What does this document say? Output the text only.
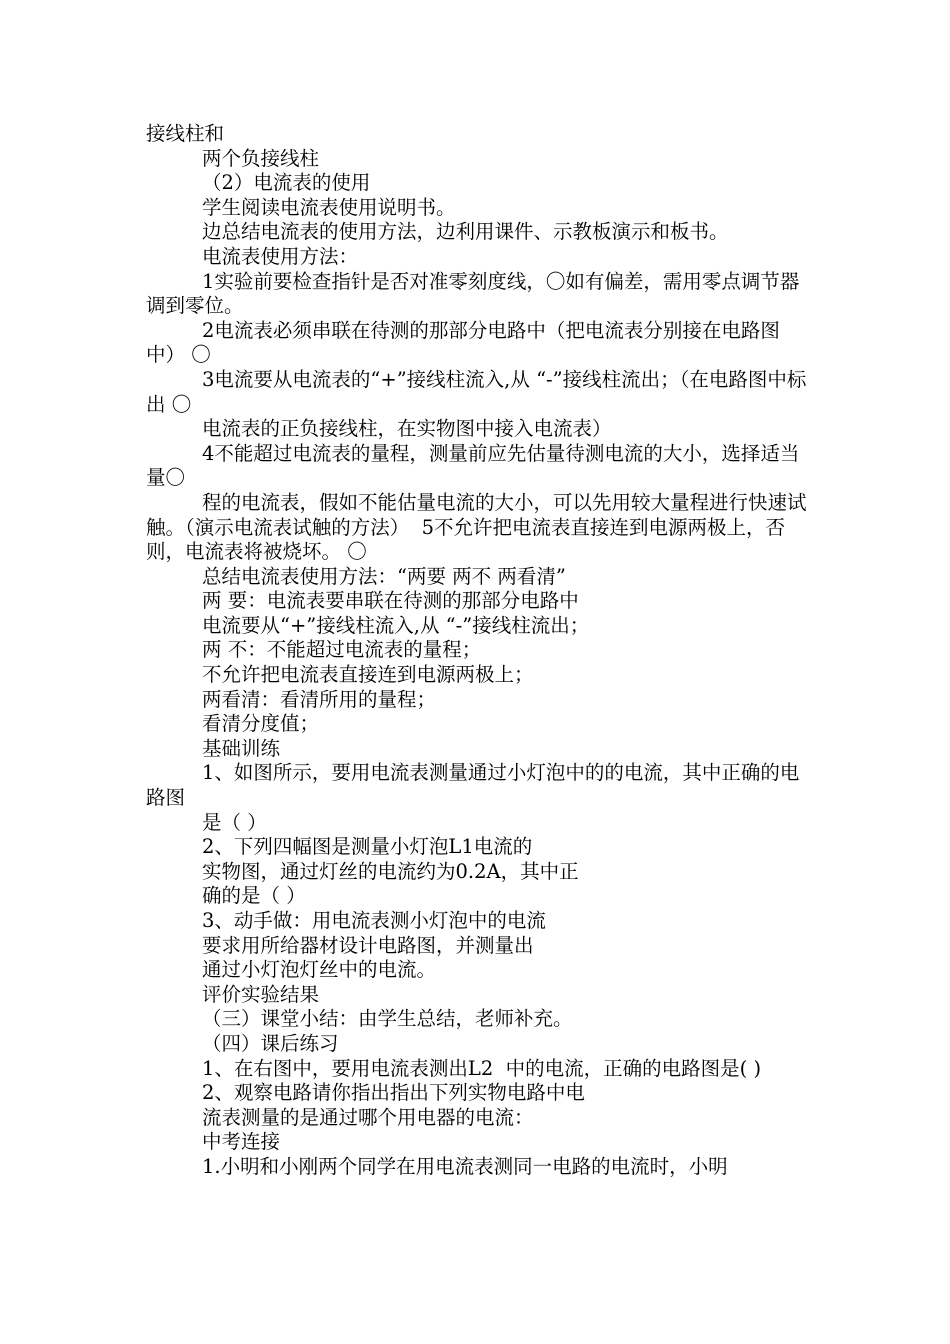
接线柱和

两个负接线柱

（2）电流表的使用

学生阅读电流表使用说明书。

边总结电流表的使用方法，边利用课件、示教板演示和板书。

电流表使用方法：

1实验前要检查指针是否对准零刻度线，〇如有偏差，需用零点调节器调到零位。

2电流表必须串联在待测的那部分电路中（把电流表分别接在电路图中） 〇

3电流要从电流表的“+”接线柱流入,从 “-”接线柱流出；（在电路图中标出 〇

电流表的正负接线柱，在实物图中接入电流表）

4不能超过电流表的量程，测量前应先估量待测电流的大小，选择适当量〇

程的电流表，假如不能估量电流的大小，可以先用较大量程进行快速试触。（演示电流表试触的方法）  5不允许把电流表直接连到电源两极上，否则，电流表将被烧坏。 〇

总结电流表使用方法：“两要 两不 两看清”

两 要：电流表要串联在待测的那部分电路中

电流要从“+”接线柱流入,从 “-”接线柱流出；

两 不：不能超过电流表的量程；

不允许把电流表直接连到电源两极上；

两看清：看清所用的量程；

看清分度值；

基础训练

1、如图所示，要用电流表测量通过小灯泡中的的电流，其中正确的电路图

是（ ）

2、下列四幅图是测量小灯泡L1电流的

实物图，通过灯丝的电流约为0.2A，其中正

确的是（ ）

3、动手做：用电流表测小灯泡中的电流

要求用所给器材设计电路图，并测量出

通过小灯泡灯丝中的电流。

评价实验结果

（三）课堂小结：由学生总结，老师补充。

（四）课后练习

1、在右图中，要用电流表测出L2  中的电流，正确的电路图是( )

2、观察电路请你指出指出下列实物电路中电

流表测量的是通过哪个用电器的电流：

中考连接

1.小明和小刚两个同学在用电流表测同一电路的电流时，小明
